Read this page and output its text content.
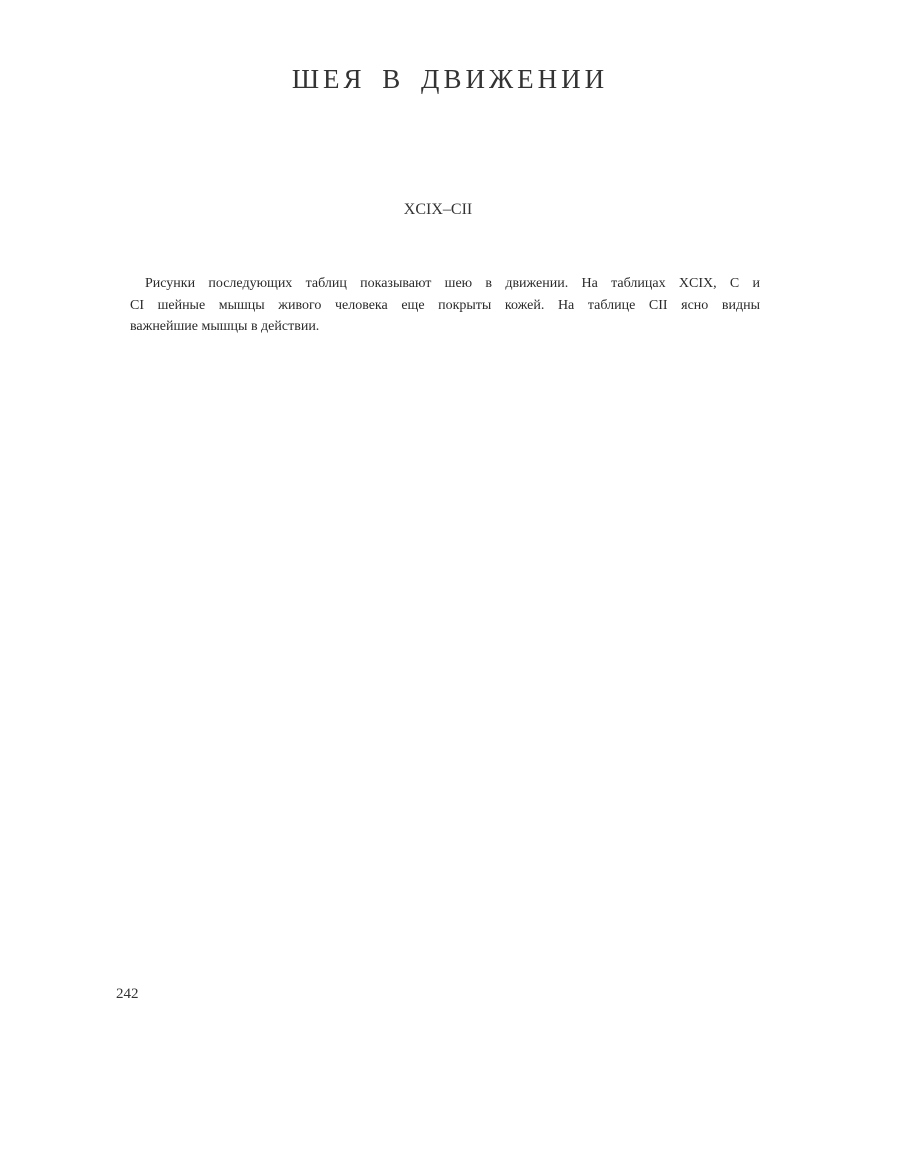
ШЕЯ В ДВИЖЕНИИ
XCIX–CII
Рисунки последующих таблиц показывают шею в движении. На таблицах XCIX, C и
CI шейные мышцы живого человека еще покрыты кожей. На таблице CII ясно видны
важнейшие мышцы в действии.
242
